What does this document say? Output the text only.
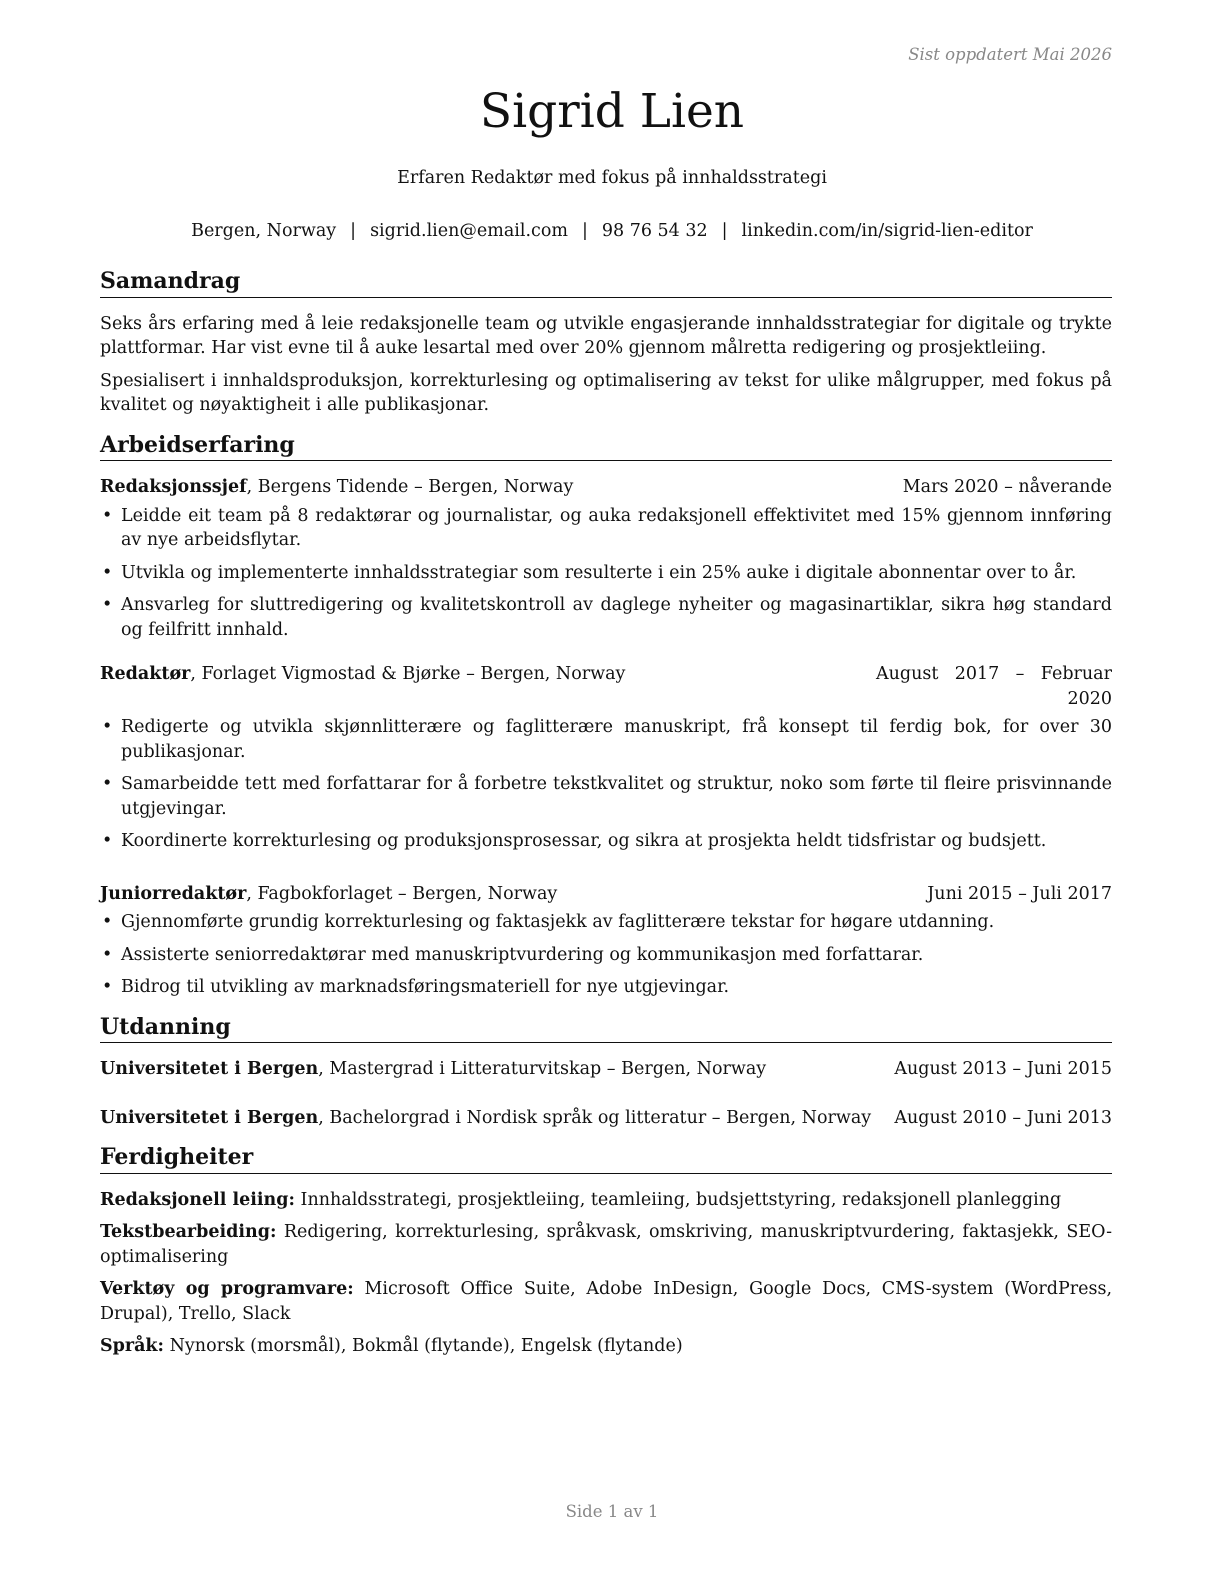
Sist oppdatert Mai 2026
Sigrid Lien
Erfaren Redaktør med fokus på innhaldsstrategi
Bergen, Norway | sigrid.lien@email.com | 98 76 54 32 | linkedin.com/in/sigrid-lien-editor
Samandrag

Seks års erfaring med å leie redaksjonelle team og utvikle engasjerande innhaldsstrategiar for digitale og trykte plattformar. Har vist evne til å auke lesartal med over 20% gjennom målretta redigering og prosjektleiing.

Spesialisert i innhaldsproduksjon, korrekturlesing og optimalisering av tekst for ulike målgrupper, med fokus på kvalitet og nøyaktigheit i alle publikasjonar.

Arbeidserfaring
Redaksjonssjef, Bergens Tidende – Bergen, Norway	Mars 2020 – nåverande
• Leidde eit team på 8 redaktørar og journalistar, og auka redaksjonell effektivitet med 15% gjennom innføring av nye arbeidsflytar.
• Utvikla og implementerte innhaldsstrategiar som resulterte i ein 25% auke i digitale abonnentar over to år.
• Ansvarleg for sluttredigering og kvalitetskontroll av daglege nyheiter og magasinartiklar, sikra høg standard og feilfritt innhald.
Redaktør, Forlaget Vigmostad & Bjørke – Bergen, Norway	August 2017 – Februar 2020
• Redigerte og utvikla skjønnlitterære og faglitterære manuskript, frå konsept til ferdig bok, for over 30 publikasjonar.
• Samarbeidde tett med forfattarar for å forbetre tekstkvalitet og struktur, noko som førte til fleire prisvinnande utgjevingar.
• Koordinerte korrekturlesing og produksjonsprosessar, og sikra at prosjekta heldt tidsfristar og budsjett.
Juniorredaktør, Fagbokforlaget – Bergen, Norway	Juni 2015 – Juli 2017
• Gjennomførte grundig korrekturlesing og faktasjekk av faglitterære tekstar for høgare utdanning.
• Assisterte seniorredaktørar med manuskriptvurdering og kommunikasjon med forfattarar.
• Bidrog til utvikling av marknadsføringsmateriell for nye utgjevingar.
Utdanning
Universitetet i Bergen, Mastergrad i Litteraturvitskap – Bergen, Norway	August 2013 – Juni 2015
Universitetet i Bergen, Bachelorgrad i Nordisk språk og litteratur – Bergen, Norway August 2010 – Juni 2013
Ferdigheiter

Redaksjonell leiing: Innhaldsstrategi, prosjektleiing, teamleiing, budsjettstyring, redaksjonell planlegging

Tekstbearbeiding: Redigering, korrekturlesing, språkvask, omskriving, manuskriptvurdering, faktasjekk, SEO-optimalisering

Verktøy og programvare: Microsoft Office Suite, Adobe InDesign, Google Docs, CMS-system (WordPress, Drupal), Trello, Slack

Språk: Nynorsk (morsmål), Bokmål (flytande), Engelsk (flytande)

Side 1 av 1
